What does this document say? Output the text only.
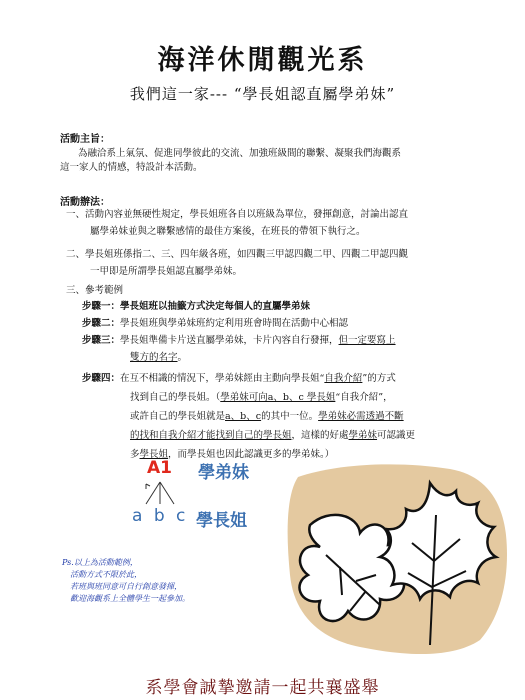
海洋休閒觀光系
我們這一家--- “學長姐認直屬學弟妹”
活動主旨：
為融洽系上氣氛、促進同學彼此的交流、加強班級間的聯繫、凝聚我們海觀系
這一家人的情感，特設計本活動。
活動辦法：
一、活動內容並無硬性規定，學長姐班各自以班級為單位，發揮創意，討論出認直
屬學弟妹並與之聯繫感情的最佳方案後，在班長的帶領下執行之。
二、學長姐班係指二、三、四年級各班，如四觀三甲認四觀二甲、四觀二甲認四觀
一甲即是所謂學長姐認直屬學弟妹。
三、參考範例
步驟一：學長姐班以抽籤方式決定每個人的直屬學弟妹
步驟二：學長姐班與學弟妹班約定利用班會時間在活動中心相認
步驟三：學長姐準備卡片送直屬學弟妹，卡片內容自行發揮，但一定要寫上
雙方的名字。
步驟四：在互不相識的情況下，學弟妹經由主動向學長姐“自我介紹”的方式
找到自己的學長姐。（學弟妹可向a、b、c 學長姐“自我介紹”，
或許自己的學長姐就是a、b、c的其中一位。學弟妹必需透過不斷
的找和自我介紹才能找到自己的學長姐，這樣的好處學弟妹可認識更
多學長姐，而學長姐也因此認識更多的學弟妹。）
A1 學弟妹
a b c 學長姐
Ps.以上為活動範例，
活動方式不限於此，
若班與班同意可自行創意發揮，
歡迎海觀系上全體學生一起參加。
系學會誠摯邀請一起共襄盛舉
